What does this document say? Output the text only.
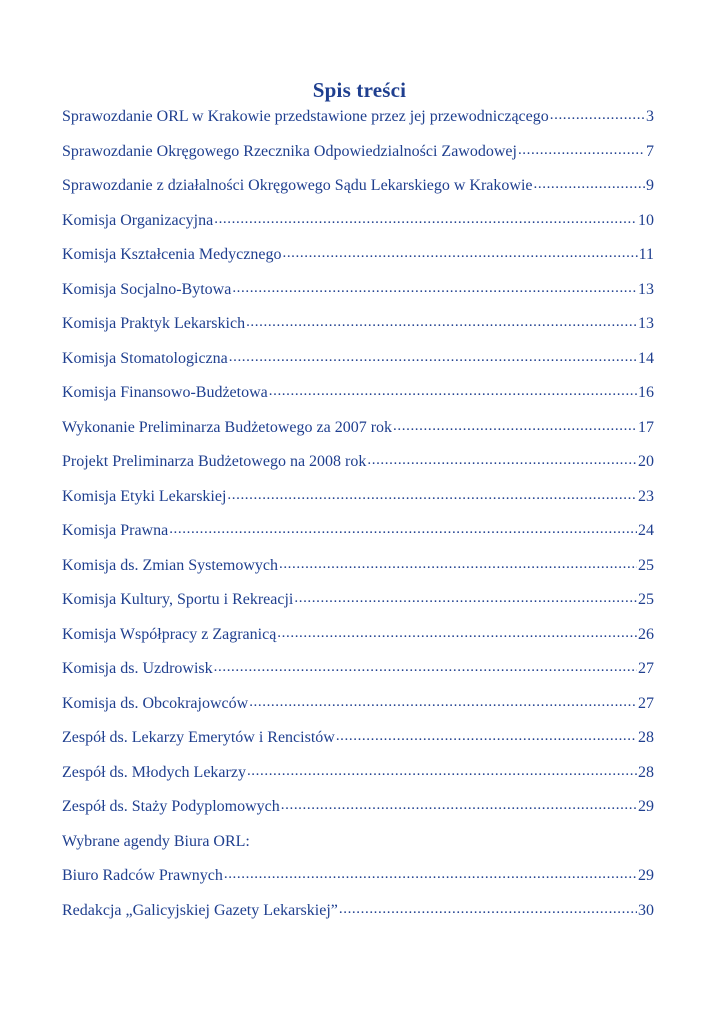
Spis treści
Sprawozdanie ORL w Krakowie przedstawione przez jej przewodniczącego .....	3
Sprawozdanie Okręgowego Rzecznika Odpowiedzialności Zawodowej .....	7
Sprawozdanie z działalności Okręgowego Sądu Lekarskiego w Krakowie .....	9
Komisja Organizacyjna .....	10
Komisja Kształcenia Medycznego .....	11
Komisja Socjalno-Bytowa .....	13
Komisja Praktyk Lekarskich .....	13
Komisja Stomatologiczna .....	14
Komisja Finansowo-Budżetowa .....	16
Wykonanie Preliminarza Budżetowego za 2007 rok .....	17
Projekt Preliminarza Budżetowego na 2008 rok .....	20
Komisja Etyki Lekarskiej .....	23
Komisja Prawna .....	24
Komisja ds. Zmian Systemowych .....	25
Komisja Kultury, Sportu i Rekreacji .....	25
Komisja Współpracy z Zagranicą .....	26
Komisja ds. Uzdrowisk .....	27
Komisja ds. Obcokrajowców .....	27
Zespół ds. Lekarzy Emerytów i Rencistów .....	28
Zespół ds. Młodych Lekarzy .....	28
Zespół ds. Staży Podyplomowych .....	29
Wybrane agendy Biura ORL:
Biuro Radców Prawnych .....	29
Redakcja „Galicyjskiej Gazety Lekarskiej” .....	30
